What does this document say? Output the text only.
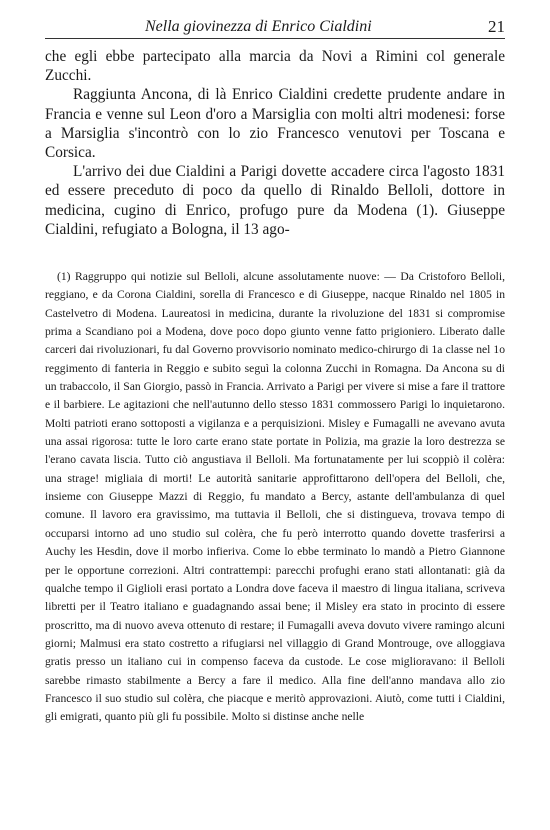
Nella giovinezza di Enrico Cialdini	21

che egli ebbe partecipato alla marcia da Novi a Rimini col generale Zucchi.

Raggiunta Ancona, di là Enrico Cialdini credette prudente andare in Francia e venne sul Leon d'oro a Marsiglia con molti altri modenesi: forse a Marsiglia s'incontrò con lo zio Francesco venutovi per Toscana e Corsica.

L'arrivo dei due Cialdini a Parigi dovette accadere circa l'agosto 1831 ed essere preceduto di poco da quello di Rinaldo Belloli, dottore in medicina, cugino di Enrico, profugo pure da Modena (1). Giuseppe Cialdini, refugiato a Bologna, il 13 ago-

(1) Raggruppo qui notizie sul Belloli, alcune assolutamente nuove: — Da Cristoforo Belloli, reggiano, e da Corona Cialdini, sorella di Francesco e di Giuseppe, nacque Rinaldo nel 1805 in Castelvetro di Modena. Laureatosi in medicina, durante la rivoluzione del 1831 si compromise prima a Scandiano poi a Modena, dove poco dopo giunto venne fatto prigioniero. Liberato dalle carceri dai rivoluzionari, fu dal Governo provvisorio nominato medico-chirurgo di 1a classe nel 1o reggimento di fanteria in Reggio e subito seguì la colonna Zucchi in Romagna. Da Ancona su di un trabaccolo, il San Giorgio, passò in Francia. Arrivato a Parigi per vivere si mise a fare il trattore e il barbiere. Le agitazioni che nell'autunno dello stesso 1831 commossero Parigi lo inquietarono. Molti patrioti erano sottoposti a vigilanza e a perquisizioni. Misley e Fumagalli ne avevano avuta una assai rigorosa: tutte le loro carte erano state portate in Polizia, ma grazie la loro destrezza se l'erano cavata liscia. Tutto ciò angustiava il Belloli. Ma fortunatamente per lui scoppiò il colèra: una strage! migliaia di morti! Le autorità sanitarie approfittarono dell'opera del Belloli, che, insieme con Giuseppe Mazzi di Reggio, fu mandato a Bercy, astante dell'ambulanza di quel comune. Il lavoro era gravissimo, ma tuttavia il Belloli, che si distingueva, trovava tempo di occuparsi intorno ad uno studio sul colèra, che fu però interrotto quando dovette trasferirsi a Auchy les Hesdin, dove il morbo infieriva. Come lo ebbe terminato lo mandò a Pietro Giannone per le opportune correzioni. Altri contrattempi: parecchi profughi erano stati allontanati: già da qualche tempo il Giglioli erasi portato a Londra dove faceva il maestro di lingua italiana, scriveva libretti per il Teatro italiano e guadagnando assai bene; il Misley era stato in procinto di essere proscritto, ma di nuovo aveva ottenuto di restare; il Fumagalli aveva dovuto vivere ramingo alcuni giorni; Malmusi era stato costretto a rifugiarsi nel villaggio di Grand Montrouge, ove alloggiava gratis presso un italiano cui in compenso faceva da custode. Le cose miglioravano: il Belloli sarebbe rimasto stabilmente a Bercy a fare il medico. Alla fine dell'anno mandava allo zio Francesco il suo studio sul colèra, che piacque e meritò approvazioni. Aiutò, come tutti i Cialdini, gli emigrati, quanto più gli fu possibile. Molto si distinse anche nelle
